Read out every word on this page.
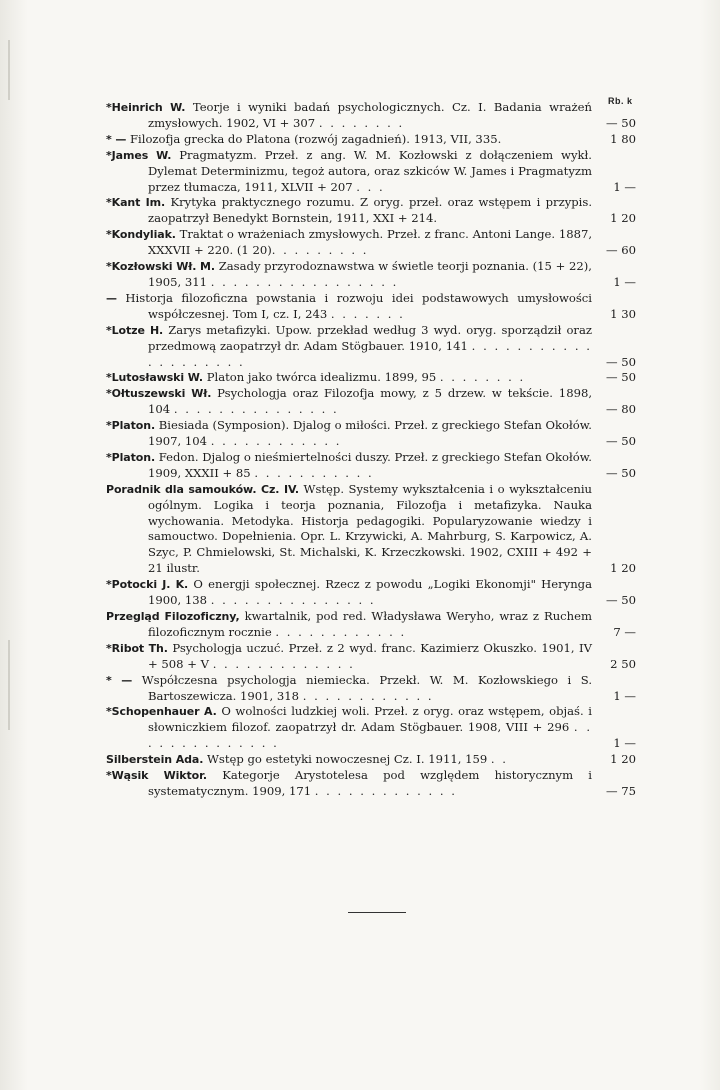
Rb. k
*Heinrich W. Teorje i wyniki badań psychologicznych. Cz. I. Badania wrażeń zmysłowych. 1902, VI + 307 . . . . . . . .	— 50
* — Filozofja grecka do Platona (rozwój zagadnień). 1913, VII, 335.	1 80
*James W. Pragmatyzm. Przeł. z ang. W. M. Kozłowski z dołączeniem wykł. Dylemat Determinizmu, tegoż autora, oraz szkiców W. James i Pragmatyzm przez tłumacza, 1911, XLVII + 207 . . .	1 —
*Kant Im. Krytyka praktycznego rozumu. Z oryg. przeł. oraz wstępem i przypis. zaopatrzył Benedykt Bornstein, 1911, XXI + 214.	1 20
*Kondyliak. Traktat o wrażeniach zmysłowych. Przeł. z franc. Antoni Lange. 1887, XXXVII + 220. (1 20). . . . . . . . .	— 60
*Kozłowski Wł. M. Zasady przyrodoznawstwa w świetle teorji poznania. (15 + 22), 1905, 311 . . . . . . . . . . . . . . . . .	1 —
— Historja filozoficzna powstania i rozwoju idei podstawowych umysłowości współczesnej. Tom I, cz. I, 243 . . . . . . .	1 30
*Lotze H. Zarys metafizyki. Upow. przekład według 3 wyd. oryg. sporządził oraz przedmową zaopatrzył dr. Adam Stögbauer. 1910, 141 . . . . . . . . . . . . . . . . . . . .	— 50
*Lutosławski W. Platon jako twórca idealizmu. 1899, 95 . . . . . . . .	— 50
*Ołtuszewski Wł. Psychologja oraz Filozofja mowy, z 5 drzew. w tekście. 1898, 104 . . . . . . . . . . . . . . .	— 80
*Platon. Biesiada (Symposion). Djalog o miłości. Przeł. z greckiego Stefan Okołów. 1907, 104 . . . . . . . . . . . .	— 50
*Platon. Fedon. Djalog o nieśmiertelności duszy. Przeł. z greckiego Stefan Okołów. 1909, XXXII + 85 . . . . . . . . . . .	— 50
Poradnik dla samouków. Cz. IV. Wstęp. Systemy wykształcenia i o wykształceniu ogólnym. Logika i teorja poznania, Filozofja i metafizyka. Nauka wychowania. Metodyka. Historja pedagogiki. Popularyzowanie wiedzy i samouctwo. Dopełnienia. Opr. L. Krzywicki, A. Mahrburg, S. Karpowicz, A. Szyc, P. Chmielowski, St. Michalski, K. Krzeczkowski. 1902, CXIII + 492 + 21 ilustr.	1 20
*Potocki J. K. O energji społecznej. Rzecz z powodu „Logiki Ekonomji" Herynga 1900, 138 . . . . . . . . . . . . . . .	— 50
Przegląd Filozoficzny, kwartalnik, pod red. Władysława Weryho, wraz z Ruchem filozoficznym rocznie . . . . . . . . . . . .	7 —
*Ribot Th. Psychologja uczuć. Przeł. z 2 wyd. franc. Kazimierz Okuszko. 1901, IV + 508 + V . . . . . . . . . . . . .	2 50
* — Współczesna psychologja niemiecka. Przekł. W. M. Kozłowskiego i S. Bartoszewicza. 1901, 318 . . . . . . . . . . . .	1 —
*Schopenhauer A. O wolności ludzkiej woli. Przeł. z oryg. oraz wstępem, objaś. i słowniczkiem filozof. zaopatrzył dr. Adam Stögbauer. 1908, VIII + 296 . . . . . . . . . . . . . .	1 —
Silberstein Ada. Wstęp go estetyki nowoczesnej Cz. I. 1911, 159 . .	1 20
*Wąsik Wiktor. Kategorje Arystotelesa pod względem historycznym i systematycznym. 1909, 171 . . . . . . . . . . . . .	— 75
